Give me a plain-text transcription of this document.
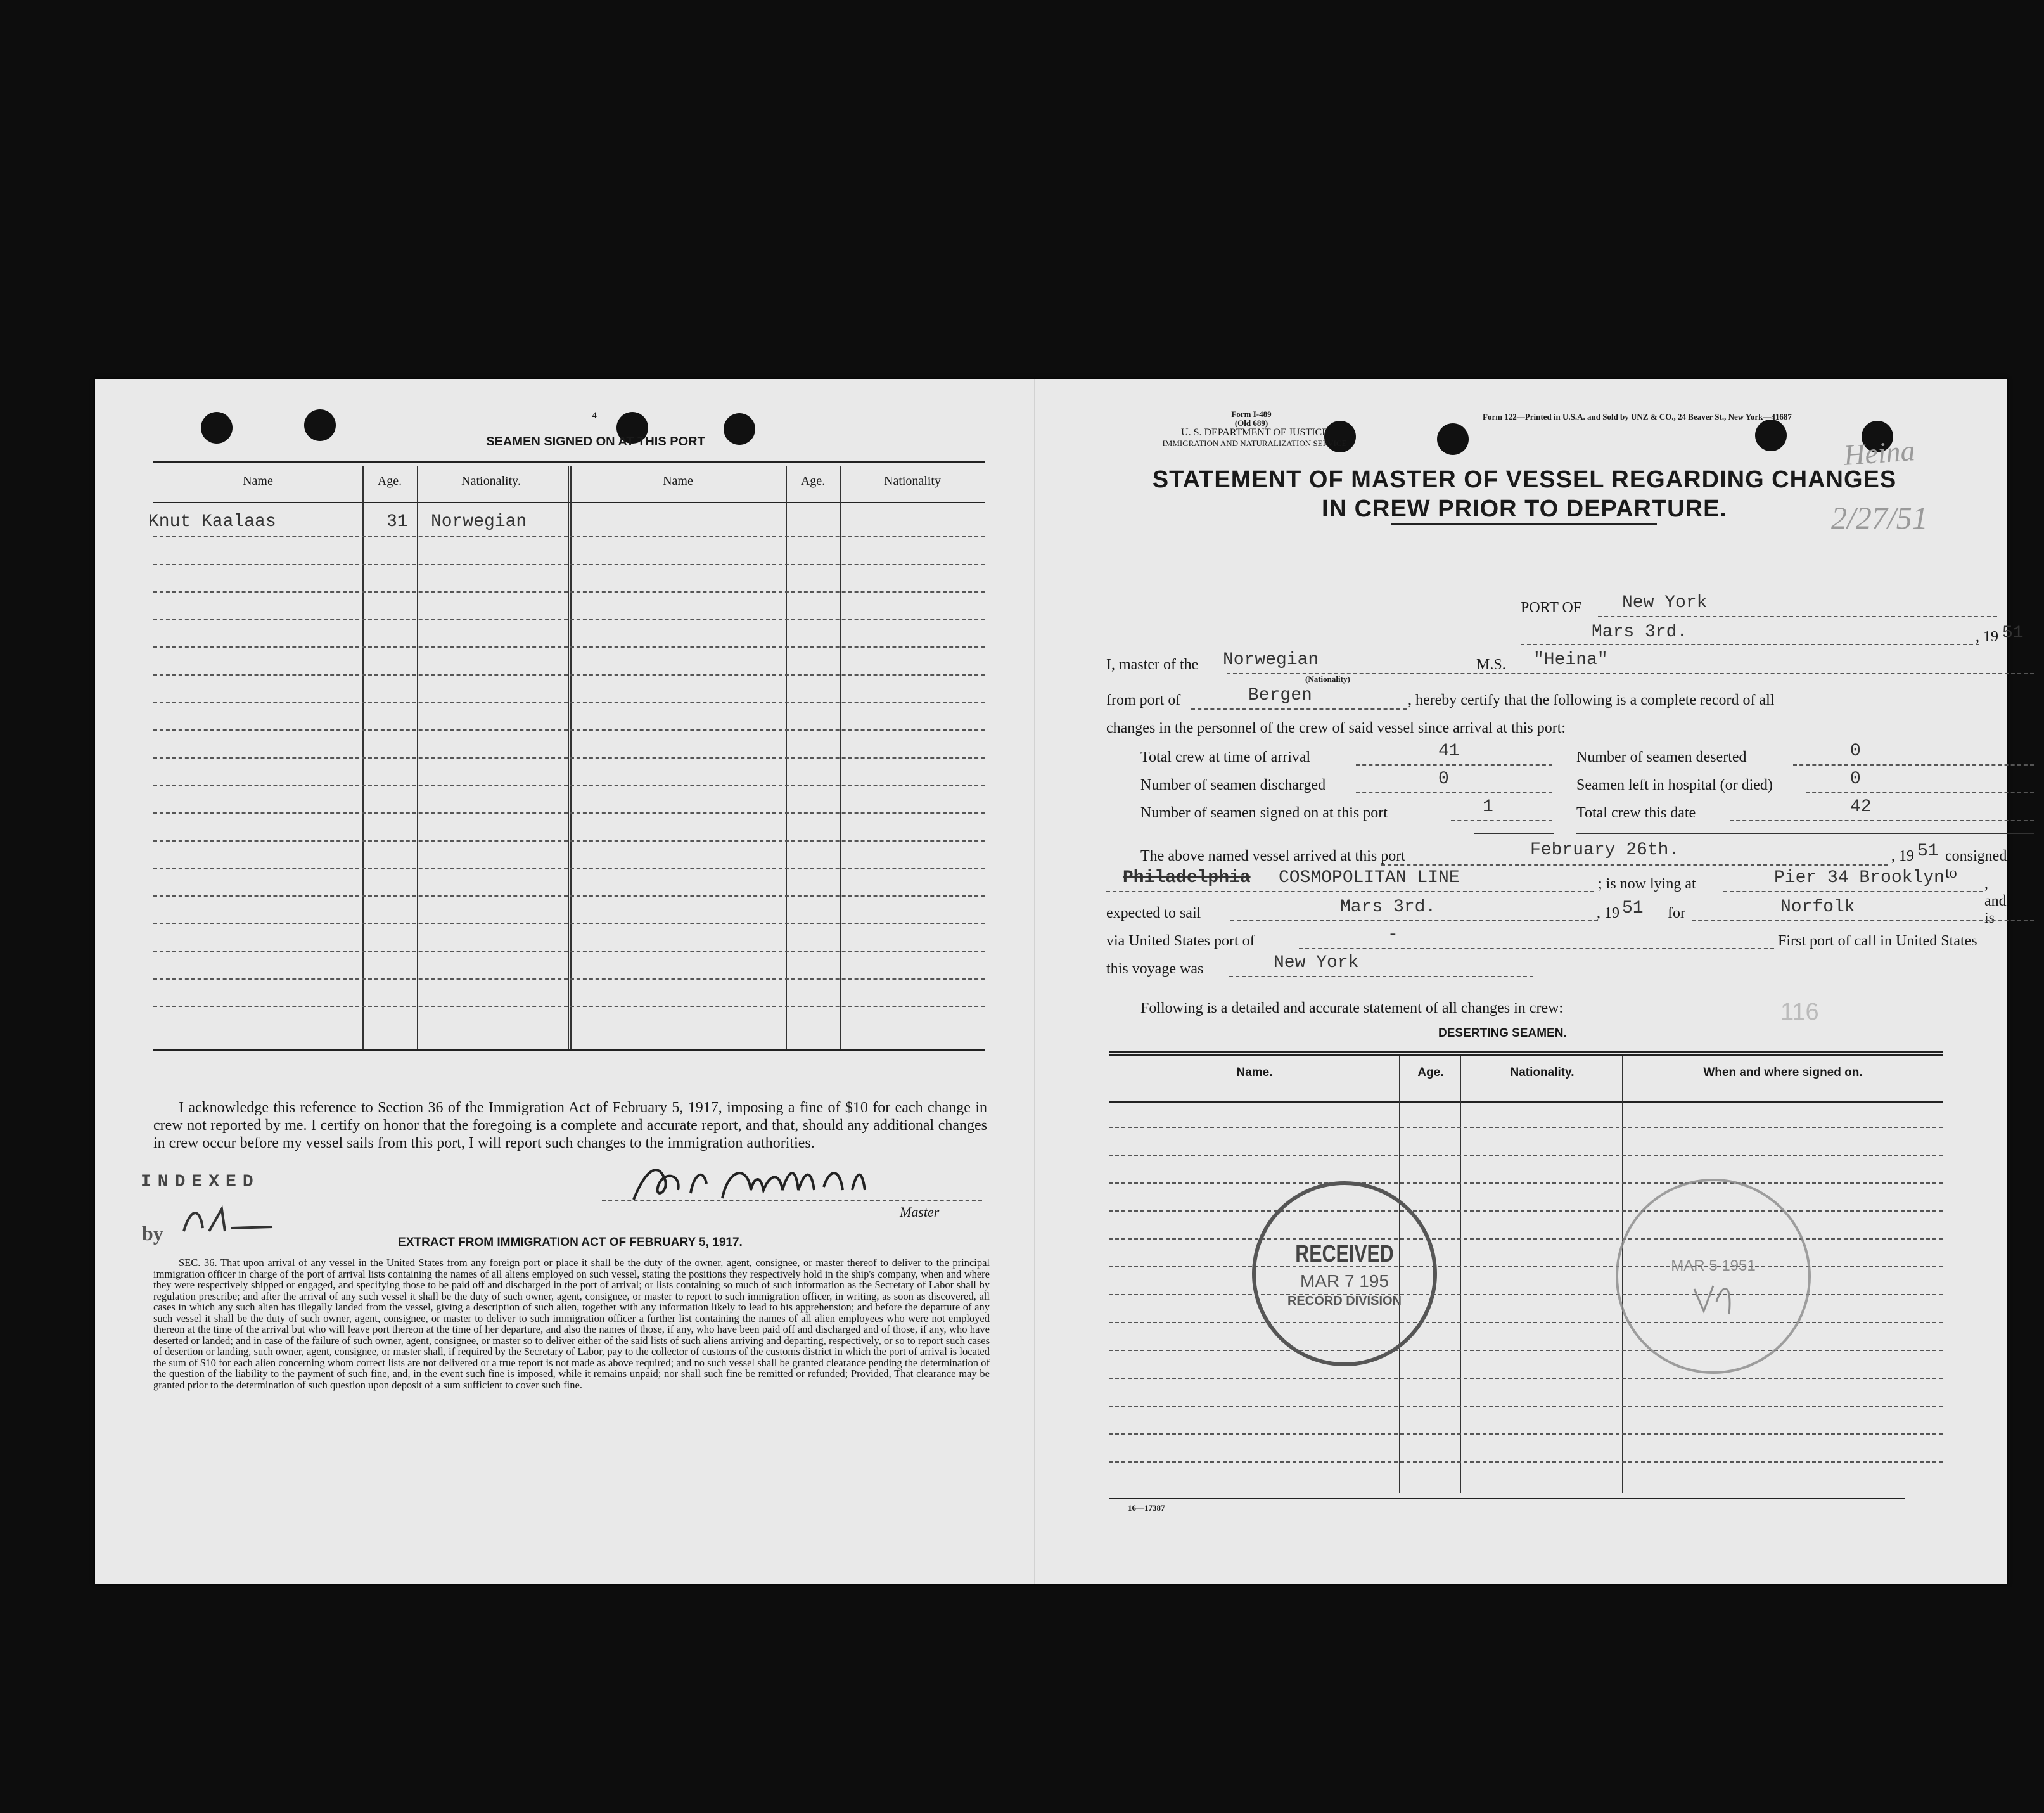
4
SEAMEN SIGNED ON AT THIS PORT
Name	Age.	Nationality.	Name	Age.	Nationality
Knut Kaalaas	31 Norwegian
I acknowledge this reference to Section 36 of the Immigration Act of February 5, 1917, imposing a fine of $10 for each change in crew not reported by me. I certify on honor that the foregoing is a complete and accurate report, and that, should any additional changes in crew occur before my vessel sails from this port, I will report such changes to the immigration authorities.
Master
INDEXED
by	EXTRACT FROM IMMIGRATION ACT OF FEBRUARY 5, 1917.
SEC. 36. That upon arrival of any vessel in the United States from any foreign port or place it shall be the duty of the owner, agent, consignee, or master thereof to deliver to the principal immigration officer in charge of the port of arrival lists containing the names of all aliens employed on such vessel, stating the positions they respectively hold in the ship's company, when and where they were respectively shipped or engaged, and specifying those to be paid off and discharged in the port of arrival; or lists containing so much of such information as the Secretary of Labor shall by regulation prescribe; and after the arrival of any such vessel it shall be the duty of such owner, agent, consignee, or master to report to such immigration officer, in writing, as soon as discovered, all cases in which any such alien has illegally landed from the vessel, giving a description of such alien, together with any information likely to lead to his apprehension; and before the departure of any such vessel it shall be the duty of such owner, agent, consignee, or master to deliver to such immigration officer a further list containing the names of all alien employees who were not employed thereon at the time of the arrival but who will leave port thereon at the time of her departure, and also the names of those, if any, who have been paid off and discharged and of those, if any, who have deserted or landed; and in case of the failure of such owner, agent, consignee, or master so to deliver either of the said lists of such aliens arriving and departing, respectively, or so to report such cases of desertion or landing, such owner, agent, consignee, or master shall, if required by the Secretary of Labor, pay to the collector of customs of the customs district in which the port of arrival is located the sum of $10 for each alien concerning whom correct lists are not delivered or a true report is not made as above required; and no such vessel shall be granted clearance pending the determination of the question of the liability to the payment of such fine, and, in the event such fine is imposed, while it remains unpaid; nor shall such fine be remitted or refunded; Provided, That clearance may be granted prior to the determination of such question upon deposit of a sum sufficient to cover such fine.
Form I-489
(Old 689)
U. S. DEPARTMENT OF JUSTICE
IMMIGRATION AND NATURALIZATION SERVICE
Form 122—Printed in U.S.A. and Sold by UNZ & CO., 24 Beaver St., New York—41687
STATEMENT OF MASTER OF VESSEL REGARDING CHANGES
IN CREW PRIOR TO DEPARTURE.
Heina
2/27/51
PORT OF New York
Mars 3rd.	, 19 51
I, master of the Norwegian
(Nationality)
M.S. "Heina"
from port of	Bergen	, hereby certify that the following is a complete record of all
changes in the personnel of the crew of said vessel since arrival at this port:
Total crew at time of arrival	41	Number of seamen deserted	0
Number of seamen discharged	0	Seamen left in hospital (or died)	0
Number of seamen signed on at this port	1	Total crew this date	42
The above named vessel arrived at this port	February 26th.	, 19 51 consigned to
Philadelphia COSMOPOLITAN LINE	; is now lying at	Pier 34 Brooklyn	, and is
expected to sail	Mars 3rd.	, 19 51 for	Norfolk
via United States port of	-	First port of call in United States
this voyage was	New York
Following is a detailed and accurate statement of all changes in crew:	116
DESERTING SEAMEN.
Name.	Age.	Nationality.	When and where signed on.
RECEIVED
MAR 7 195
RECORD DIVISION
MAR 5 1951
16—17387
